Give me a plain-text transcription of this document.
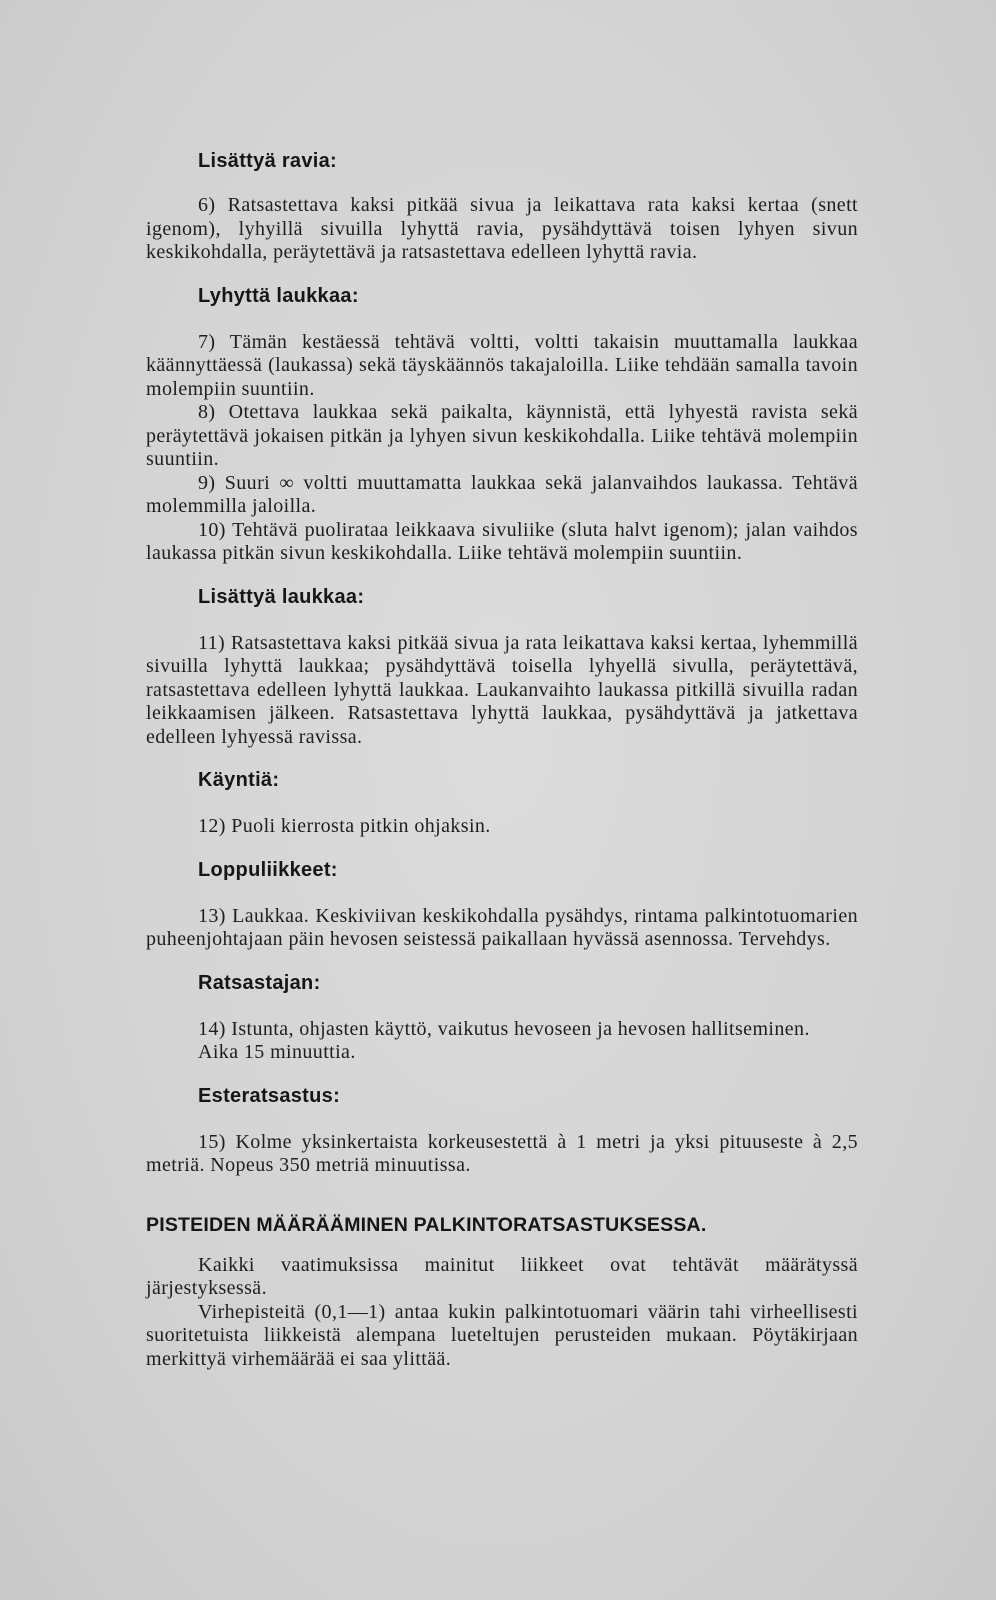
Lisättyä ravia:

6) Ratsastettava kaksi pitkää sivua ja leikattava rata kaksi kertaa (snett igenom), lyhyillä sivuilla lyhyttä ravia, pysähdyttävä toisen lyhyen sivun keskikohdalla, peräytettävä ja ratsastettava edelleen lyhyttä ravia.

Lyhyttä laukkaa:

7) Tämän kestäessä tehtävä voltti, voltti takaisin muuttamalla laukkaa käännyttäessä (laukassa) sekä täyskäännös takajaloilla. Liike tehdään samalla tavoin molempiin suuntiin.

8) Otettava laukkaa sekä paikalta, käynnistä, että lyhyestä ravista sekä peräytettävä jokaisen pitkän ja lyhyen sivun keskikohdalla. Liike tehtävä molempiin suuntiin.

9) Suuri ∞ voltti muuttamatta laukkaa sekä jalanvaihdos laukassa. Tehtävä molemmilla jaloilla.

10) Tehtävä puoliratаa leikkaava sivuliike (sluta halvt igenom); jalan vaihdos laukassa pitkän sivun keskikohdalla. Liike tehtävä molempiin suuntiin.

Lisättyä laukkaa:

11) Ratsastettava kaksi pitkää sivua ja rata leikattava kaksi kertaa, lyhemmillä sivuilla lyhyttä laukkaa; pysähdyttävä toisella lyhyellä sivulla, peräytettävä, ratsastettava edelleen lyhyttä laukkaa. Laukanvaihto laukassa pitkillä sivuilla radan leikkaamisen jälkeen. Ratsastettava lyhyttä laukkaa, pysähdyttävä ja jatkettava edelleen lyhyessä ravissa.

Käyntiä:

12) Puoli kierrosta pitkin ohjaksin.

Loppuliikkeet:

13) Laukkaa. Keskiviivan keskikohdalla pysähdys, rintama palkintotuomarien puheenjohtajaan päin hevosen seistessä paikallaan hyvässä asennossa. Tervehdys.

Ratsastajan:

14) Istunta, ohjasten käyttö, vaikutus hevoseen ja hevosen hallitseminen.

Aika 15 minuuttia.

Esteratsastus:

15) Kolme yksinkertaista korkeusestettä à 1 metri ja yksi pituuseste à 2,5 metriä. Nopeus 350 metriä minuutissa.

PISTEIDEN MÄÄRÄÄMINEN PALKINTORATSASTUKSESSA.

Kaikki vaatimuksissa mainitut liikkeet ovat tehtävät määrätyssä järjestyksessä.

Virhepisteitä (0,1—1) antaa kukin palkintotuomari väärin tahi virheellisesti suoritetuista liikkeistä alempana lueteltujen perusteiden mukaan. Pöytäkirjaan merkittyä virhemäärää ei saa ylittää.
